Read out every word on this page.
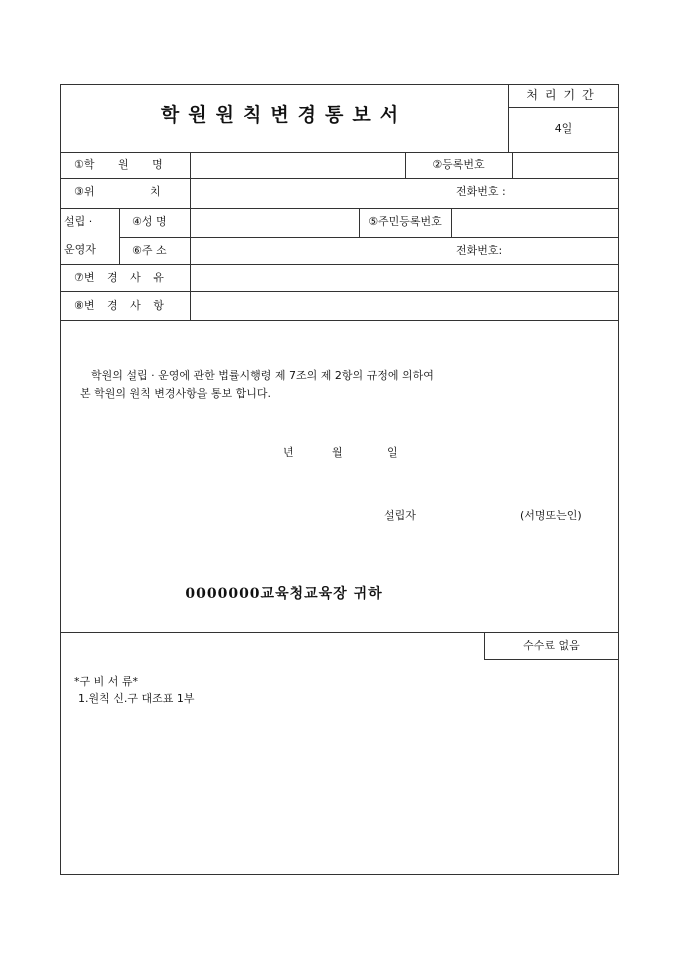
학원원칙변경통보서
처리기간
4일
①학 원 명	②등록번호
③위 치	전화번호 :
설립 ·
운영자
④성 명	⑤주민등록번호
⑥주 소	전화번호:
⑦변 경 사 유
⑧변 경 사 항
학원의 설립 · 운영에 관한 법률시행령 제 7조의 제 2항의 규정에 의하여
본 학원의 원칙 변경사항을 통보 합니다.
년	월	일
설립자	(서명또는인)
0000000교육청교육장 귀하
수수료 없음
*구 비 서 류*
1.원칙 신.구 대조표 1부
